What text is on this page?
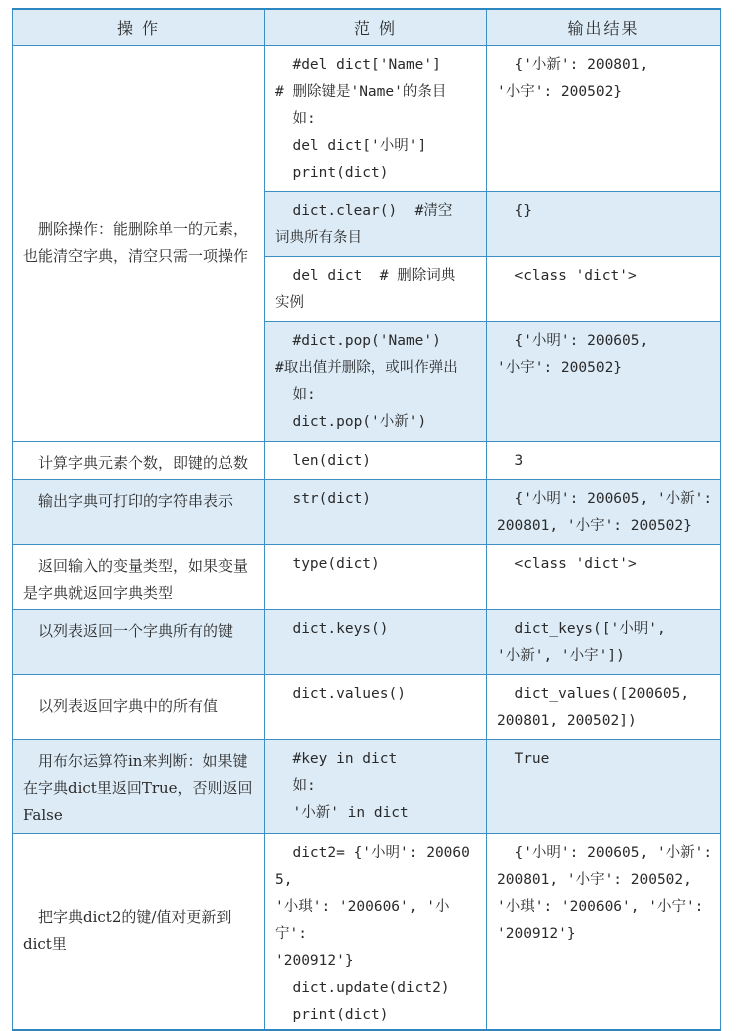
操 作	范 例	输出结果
删除操作：能删除单一的元素，也能清空字典，清空只需一项操作	#del dict['Name']
# 删除键是'Name'的条目
如:
del dict['小明']
print(dict)	{'小新': 200801,
'小宇': 200502}
	dict.clear()  #清空
词典所有条目	{}
	del dict  # 删除词典
实例	<class 'dict'>
	#dict.pop('Name')
#取出值并删除，或叫作弹出
如:
dict.pop('小新')	{'小明': 200605,
'小宇': 200502}
计算字典元素个数，即键的总数	len(dict)	3
输出字典可打印的字符串表示	str(dict)	{'小明': 200605, '小新': 200801, '小宇': 200502}
返回输入的变量类型，如果变量是字典就返回字典类型	type(dict)	<class 'dict'>
以列表返回一个字典所有的键	dict.keys()	dict_keys(['小明',
'小新', '小宇'])
以列表返回字典中的所有值	dict.values()	dict_values([200605,
200801, 200502])
用布尔运算符in来判断：如果键在字典dict里返回True，否则返回False	#key in dict
如:
'小新' in dict	True
把字典dict2的键/值对更新到dict里	dict2= {'小明': 200605,
'小琪': '200606', '小宁':
'200912'}
dict.update(dict2)
print(dict)	{'小明': 200605, '小新': 200801, '小宇': 200502, '小琪': '200606', '小宁':
'200912'}
